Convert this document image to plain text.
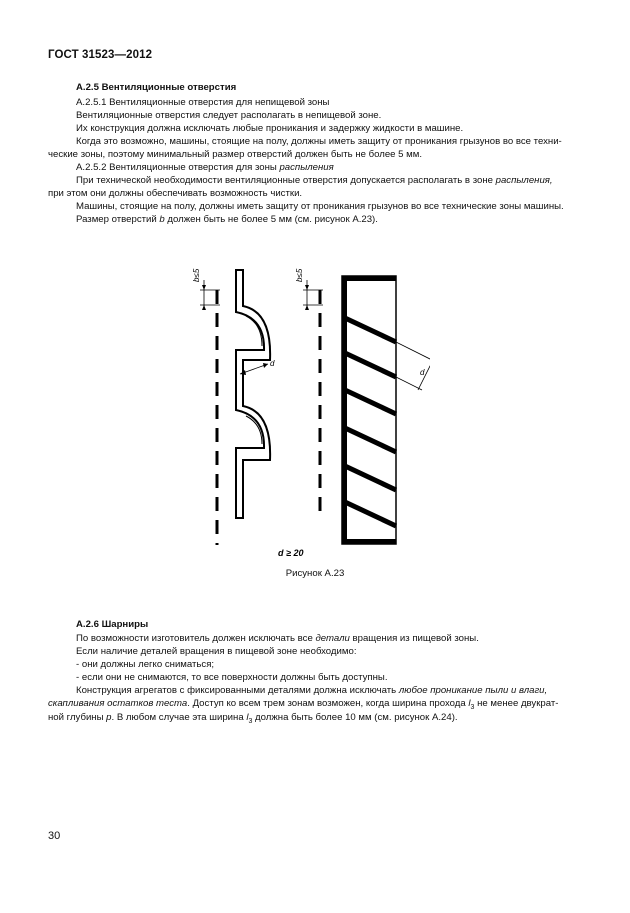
ГОСТ 31523—2012
А.2.5 Вентиляционные отверстия
А.2.5.1 Вентиляционные отверстия для непищевой зоны
Вентиляционные отверстия следует располагать в непищевой зоне.
Их конструкция должна исключать любые проникания и задержку жидкости в машине.
Когда это возможно, машины, стоящие на полу, должны иметь защиту от проникания грызунов во все техни-
ческие зоны, поэтому минимальный размер отверстий должен быть не более 5 мм.
А.2.5.2 Вентиляционные отверстия для зоны распыления
При технической необходимости вентиляционные отверстия допускается располагать в зоне распыления,
при этом они должны обеспечивать возможность чистки.
Машины, стоящие на полу, должны иметь защиту от проникания грызунов во все технические зоны машины.
Размер отверстий b должен быть не более 5 мм (см. рисунок А.23).
b≤5
d
b≤5
d
d ≥ 20
Рисунок А.23
А.2.6 Шарниры
По возможности изготовитель должен исключать все детали вращения из пищевой зоны.
Если наличие деталей вращения в пищевой зоне необходимо:
- они должны легко сниматься;
- если они не снимаются, то все поверхности должны быть доступны.
Конструкция агрегатов с фиксированными деталями должна исключать любое проникание пыли и влаги,
скапливания остатков теста. Доступ ко всем трем зонам возможен, когда ширина прохода $l_3$ не менее двукрат-
ной глубины p. В любом случае эта ширина $l_3$ должна быть более 10 мм (см. рисунок А.24).
30
